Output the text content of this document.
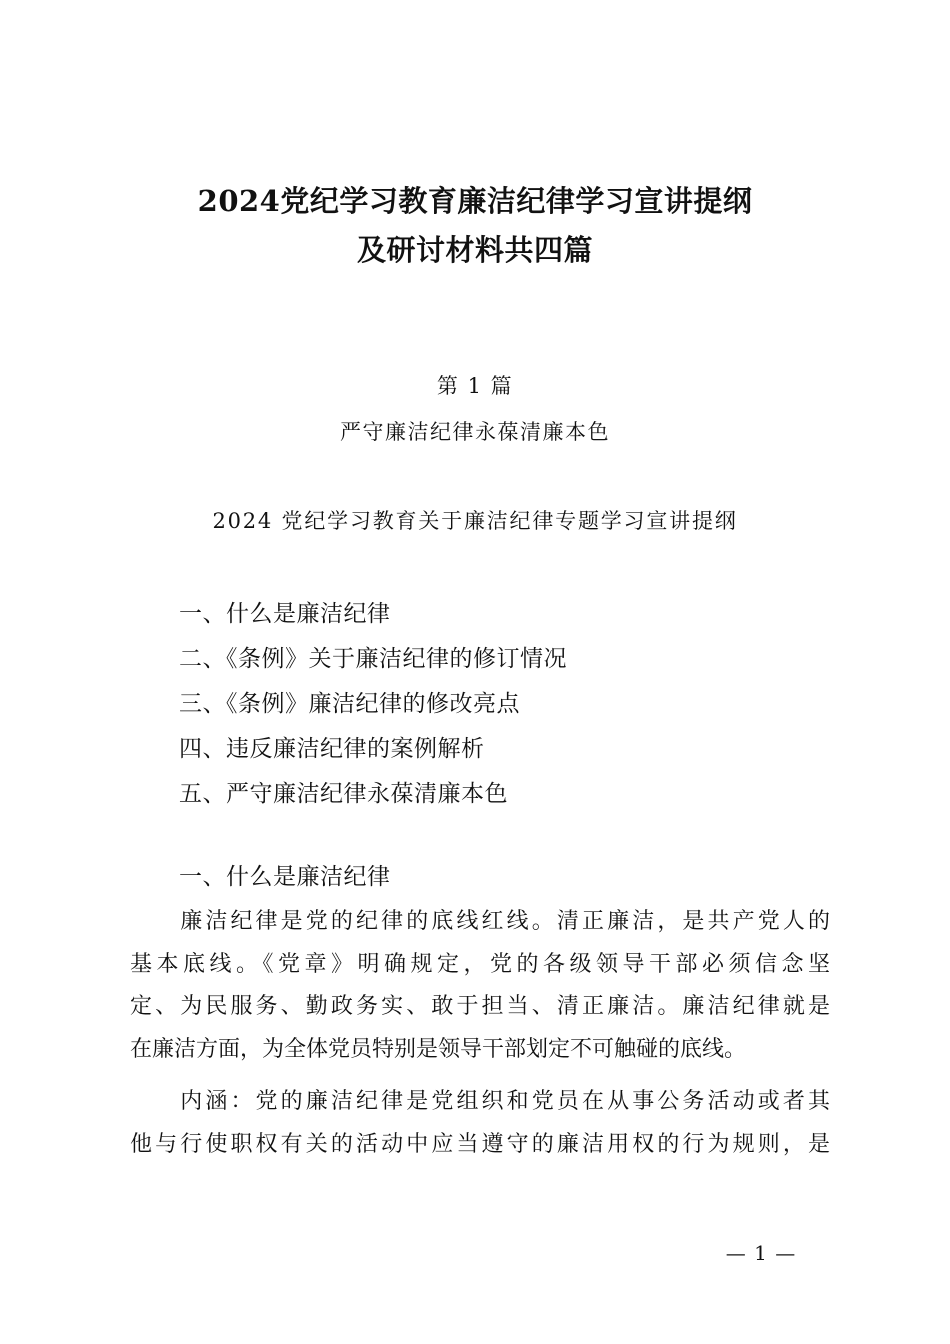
2024党纪学习教育廉洁纪律学习宣讲提纲
及研讨材料共四篇
第 1 篇
严守廉洁纪律永葆清廉本色
2024 党纪学习教育关于廉洁纪律专题学习宣讲提纲
一、什么是廉洁纪律
二、《条例》关于廉洁纪律的修订情况
三、《条例》廉洁纪律的修改亮点
四、违反廉洁纪律的案例解析
五、严守廉洁纪律永葆清廉本色
一、什么是廉洁纪律
　　廉洁纪律是党的纪律的底线红线。清正廉洁，是共产党人的
基本底线。《党章》明确规定，党的各级领导干部必须信念坚
定、为民服务、勤政务实、敢于担当、清正廉洁。廉洁纪律就是
在廉洁方面，为全体党员特别是领导干部划定不可触碰的底线。
　　内涵：党的廉洁纪律是党组织和党员在从事公务活动或者其
他与行使职权有关的活动中应当遵守的廉洁用权的行为规则，是
— 1 —
